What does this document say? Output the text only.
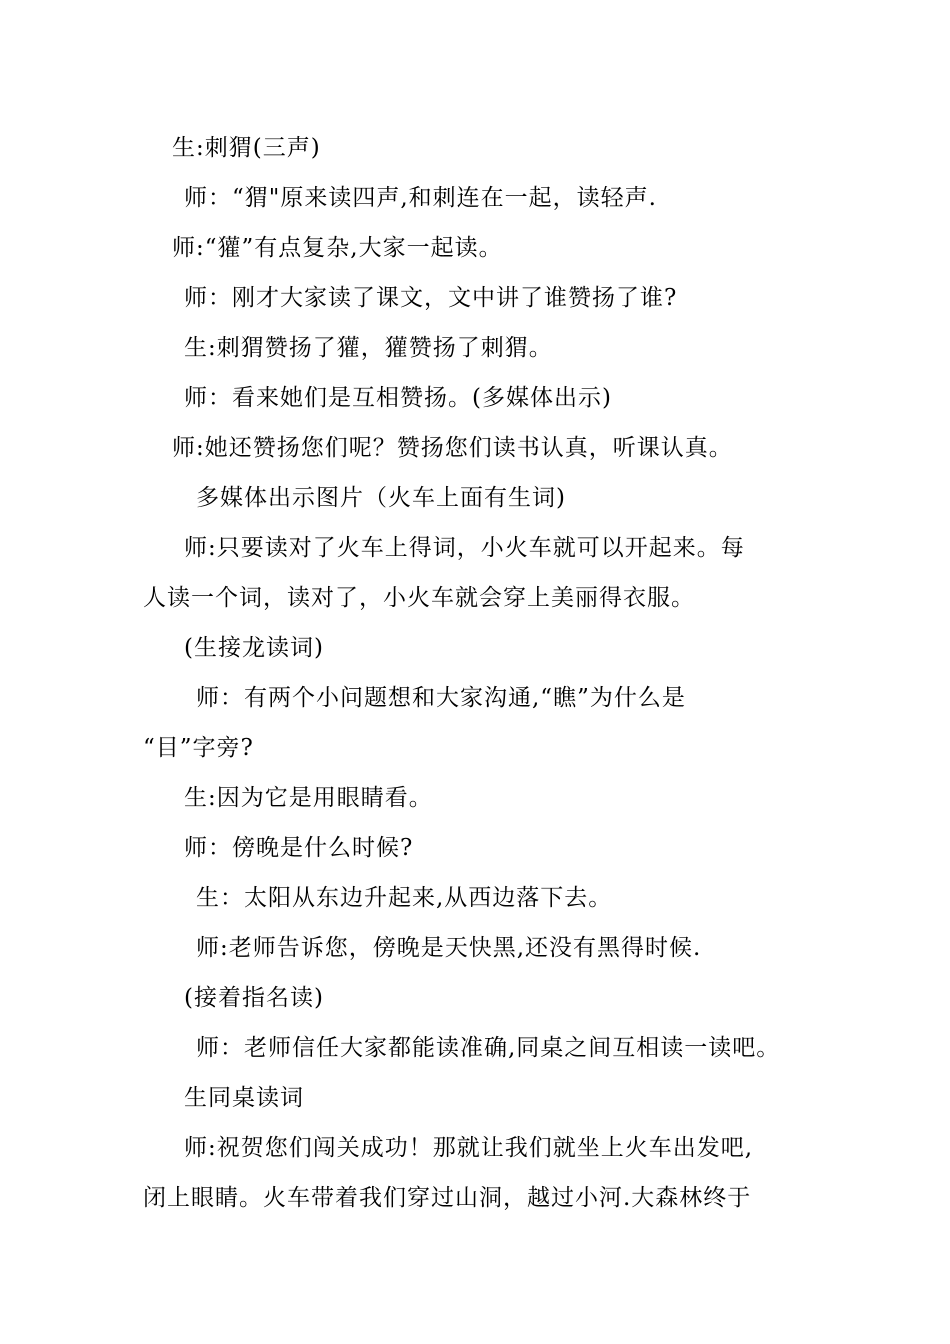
生:刺猬(三声)
师：“猬"原来读四声,和刺连在一起，读轻声.
师:“獾”有点复杂,大家一起读。
师：刚才大家读了课文，文中讲了谁赞扬了谁?
生:刺猬赞扬了獾，獾赞扬了刺猬。
师：看来她们是互相赞扬。(多媒体出示)
师:她还赞扬您们呢？赞扬您们读书认真，听课认真。
多媒体出示图片（火车上面有生词)
师:只要读对了火车上得词，小火车就可以开起来。每
人读一个词，读对了，小火车就会穿上美丽得衣服。
(生接龙读词)
师：有两个小问题想和大家沟通,“瞧”为什么是
“目”字旁?
生:因为它是用眼睛看。
师：傍晚是什么时候?
生：太阳从东边升起来,从西边落下去。
师:老师告诉您，傍晚是天快黑,还没有黑得时候.
(接着指名读)
师：老师信任大家都能读准确,同桌之间互相读一读吧。
生同桌读词
师:祝贺您们闯关成功！那就让我们就坐上火车出发吧,
闭上眼睛。火车带着我们穿过山洞，越过小河.大森林终于
